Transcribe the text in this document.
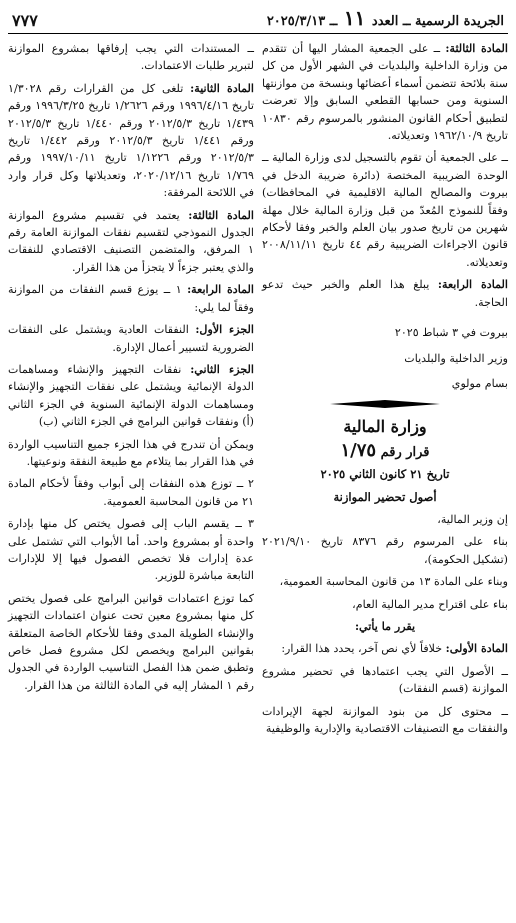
الجريدة الرسمية ــ العدد ١١ ــ ٢٠٢٥/٣/١٣
٧٧٧

المادة الثالثة: ــ على الجمعية المشار اليها أن تتقدم من وزارة الداخلية والبلديات في الشهر الأول من كل سنة بلائحة تتضمن أسماء أعضائها وبنسخة من موازنتها السنوية ومن حسابها القطعي السابق وإلا تعرضت لتطبيق أحكام القانون المنشور بالمرسوم رقم ١٠٨٣٠ تاريخ ١٩٦٢/١٠/٩ وتعديلاته.

ــ على الجمعية أن تقوم بالتسجيل لدى وزارة المالية ــ الوحدة الضريبية المختصة (دائرة ضريبة الدخل في بيروت والمصالح المالية الاقليمية في المحافظات) وفقاً للنموذج المُعدّ من قبل وزارة المالية خلال مهلة شهرين من تاريخ صدور بيان العلم والخبر وفقا لأحكام قانون الاجراءات الضريبية رقم ٤٤ تاريخ ٢٠٠٨/١١/١١ وتعديلاته.

المادة الرابعة: يبلغ هذا العلم والخبر حيث تدعو الحاجة.

بيروت في ٣ شباط ٢٠٢٥

وزير الداخلية والبلديات

بسام مولوي

وزارة المالية

قرار رقم ١/٧٥

تاريخ ٢١ كانون الثاني ٢٠٢٥

أصول تحضير الموازنة

إن وزير المالية،

بناء على المرسوم رقم ٨٣٧٦ تاريخ ٢٠٢١/٩/١٠ (تشكيل الحكومة)،

وبناء على المادة ١٣ من قانون المحاسبة العمومية،

بناء على اقتراح مدير المالية العام،

يقرر ما يأتي:

المادة الأولى: خلافاً لأي نص آخر، يحدد هذا القرار:

ــ الأصول التي يجب اعتمادها في تحضير مشروع الموازنة (قسم النفقات)

ــ محتوى كل من بنود الموازنة لجهة الإيرادات والنفقات مع التصنيفات الاقتصادية والإدارية والوظيفية

ــ المستندات التي يجب إرفاقها بمشروع الموازنة لتبرير طلبات الاعتمادات.

المادة الثانية: تلغى كل من القرارات رقم ١/٣٠٢٨ تاريخ ١٩٩٦/٤/١٦ ورقم ١/٢٦٢٦ تاريخ ١٩٩٦/٣/٢٥ ورقم ١/٤٣٩ تاريخ ٢٠١٢/٥/٣ ورقم ١/٤٤٠ تاريخ ٢٠١٢/٥/٣ ورقم ١/٤٤١ تاريخ ٢٠١٢/٥/٣ ورقم ١/٤٤٢ تاريخ ٢٠١٢/٥/٣ ورقم ١/١٢٢٦ تاريخ ١٩٩٧/١٠/١١ ورقم ١/٧٦٩ تاريخ ٢٠٢٠/١٢/١٦، وتعديلاتها وكل قرار وارد في اللائحة المرفقة:

المادة الثالثة: يعتمد في تقسيم مشروع الموازنة الجدول النموذجي لتقسيم نفقات الموازنة العامة رقم ١ المرفق، والمتضمن التصنيف الاقتصادي للنفقات والذي يعتبر جزءاً لا يتجزأ من هذا القرار.

المادة الرابعة: ١ ــ يوزع قسم النفقات من الموازنة وفقاً لما يلي:

الجزء الأول: النفقات العادية ويشتمل على النفقات الضرورية لتسيير أعمال الإدارة.

الجزء الثاني: نفقات التجهيز والإنشاء ومساهمات الدولة الإنمائية ويشتمل على نفقات التجهيز والإنشاء ومساهمات الدولة الإنمائية السنوية في الجزء الثاني (أ) ونفقات قوانين البرامج في الجزء الثاني (ب)

ويمكن أن تندرج في هذا الجزء جميع التناسيب الواردة في هذا القرار بما يتلاءم مع طبيعة النفقة ونوعيتها.

٢ ــ توزع هذه النفقات إلى أبواب وفقاً لأحكام المادة ٢١ من قانون المحاسبة العمومية.

٣ ــ يقسم الباب إلى فصول يختص كل منها بإدارة واحدة أو بمشروع واحد. أما الأبواب التي تشتمل على عدة إدارات فلا تخصص الفصول فيها إلا للإدارات التابعة مباشرة للوزير.

كما توزع اعتمادات قوانين البرامج على فصول يختص كل منها بمشروع معين تحت عنوان اعتمادات التجهيز والإنشاء الطويلة المدى وفقا للأحكام الخاصة المتعلقة بقوانين البرامج ويخصص لكل مشروع فصل خاص وتطبق ضمن هذا الفصل التناسيب الواردة في الجدول رقم ١ المشار إليه في المادة الثالثة من هذا القرار.
